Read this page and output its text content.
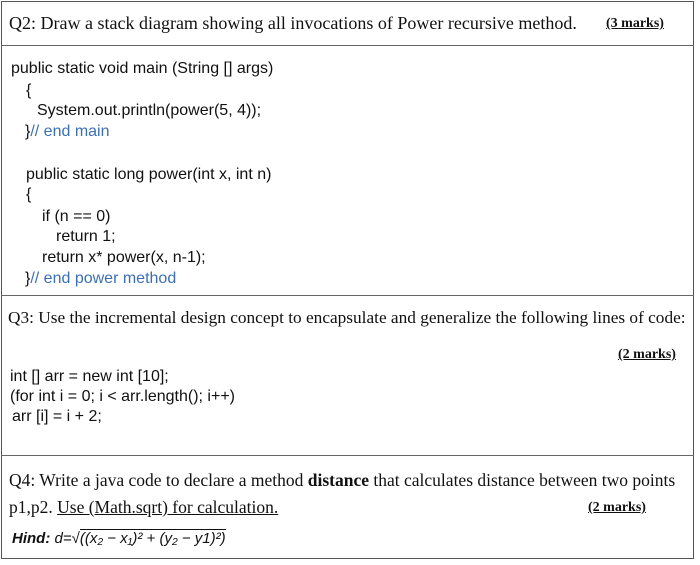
Q2: Draw a stack diagram showing all invocations of Power recursive method. (3 marks)
public static void main (String [] args)
{
System.out.println(power(5, 4));
}// end main
public static long power(int x, int n)
{
if (n == 0)
return 1;
return x* power(x, n-1);
}// end power method
Q3: Use the incremental design concept to encapsulate and generalize the following lines of code:
(2 marks)
int [] arr = new int [10];
(for int i = 0; i < arr.length(); i++)
arr [i] = i + 2;
Q4: Write a java code to declare a method distance that calculates distance between two points
p1,p2. Use (Math.sqrt) for calculation.	(2 marks)
Hind: d=√((x₂ − x₁)² + (y₂ − y1)²)
